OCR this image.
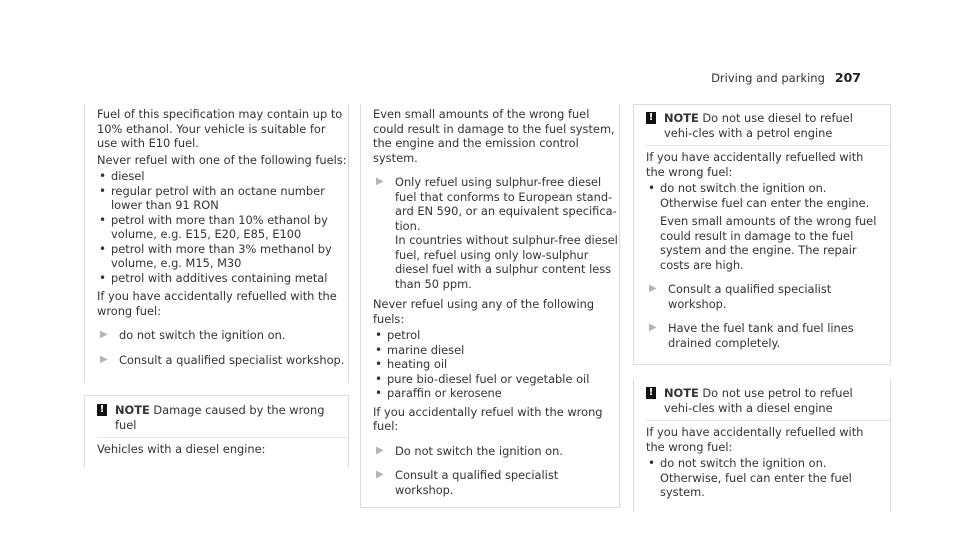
Driving and parking 207

Fuel of this specification may contain up to 10% ethanol. Your vehicle is suitable for use with E10 fuel.

Never refuel with one of the following fuels:

• diesel
• regular petrol with an octane number lower than 91 RON
• petrol with more than 10% ethanol by volume, e.g. E15, E20, E85, E100
• petrol with more than 3% methanol by volume, e.g. M15, M30
• petrol with additives containing metal

If you have accidentally refuelled with the wrong fuel:

▶ do not switch the ignition on.
▶ Consult a qualified specialist workshop.
! NOTE Damage caused by the wrong fuel

Vehicles with a diesel engine:

Even small amounts of the wrong fuel could result in damage to the fuel system, the engine and the emission control system.

▶ Only refuel using sulphur-free diesel fuel that conforms to European stand-ard EN 590, or an equivalent specifica-tion.
In countries without sulphur-free diesel fuel, refuel using only low-sulphur diesel fuel with a sulphur content less than 50 ppm.

Never refuel using any of the following fuels:

• petrol
• marine diesel
• heating oil
• pure bio-diesel fuel or vegetable oil
• paraffin or kerosene

If you accidentally refuel with the wrong fuel:

▶ Do not switch the ignition on.
▶ Consult a qualified specialist workshop.
! NOTE Do not use diesel to refuel vehi-cles with a petrol engine

If you have accidentally refuelled with the wrong fuel:

• do not switch the ignition on. Otherwise fuel can enter the engine.

Even small amounts of the wrong fuel could result in damage to the fuel system and the engine. The repair costs are high.

▶ Consult a qualified specialist workshop.
▶ Have the fuel tank and fuel lines drained completely.
! NOTE Do not use petrol to refuel vehi-cles with a diesel engine

If you have accidentally refuelled with the wrong fuel:

• do not switch the ignition on. Otherwise, fuel can enter the fuel system.
